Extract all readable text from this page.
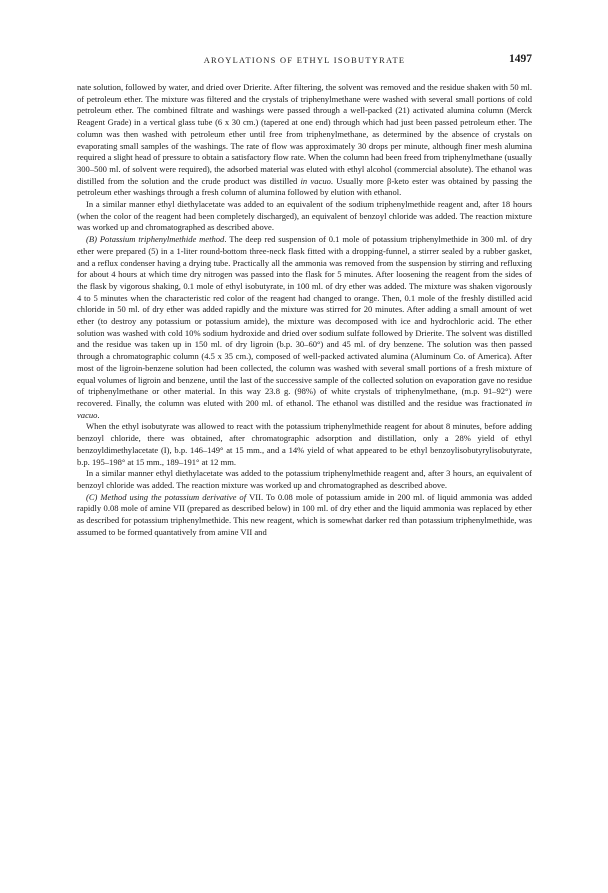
AROYLATIONS OF ETHYL ISOBUTYRATE	1497

nate solution, followed by water, and dried over Drierite. After filtering, the solvent was removed and the residue shaken with 50 ml. of petroleum ether. The mixture was filtered and the crystals of triphenylmethane were washed with several small portions of cold petroleum ether. The combined filtrate and washings were passed through a well-packed (21) activated alumina column (Merck Reagent Grade) in a vertical glass tube (6 x 30 cm.) (tapered at one end) through which had just been passed petroleum ether. The column was then washed with petroleum ether until free from triphenylmethane, as determined by the absence of crystals on evaporating small samples of the washings. The rate of flow was approximately 30 drops per minute, although finer mesh alumina required a slight head of pressure to obtain a satisfactory flow rate. When the column had been freed from triphenylmethane (usually 300–500 ml. of solvent were required), the adsorbed material was eluted with ethyl alcohol (commercial absolute). The ethanol was distilled from the solution and the crude product was distilled in vacuo. Usually more β-keto ester was obtained by passing the petroleum ether washings through a fresh column of alumina followed by elution with ethanol.

In a similar manner ethyl diethylacetate was added to an equivalent of the sodium triphenylmethide reagent and, after 18 hours (when the color of the reagent had been completely discharged), an equivalent of benzoyl chloride was added. The reaction mixture was worked up and chromatographed as described above.

(B) Potassium triphenylmethide method. The deep red suspension of 0.1 mole of potassium triphenylmethide in 300 ml. of dry ether were prepared (5) in a 1-liter round-bottom three-neck flask fitted with a dropping-funnel, a stirrer sealed by a rubber gasket, and a reflux condenser having a drying tube. Practically all the ammonia was removed from the suspension by stirring and refluxing for about 4 hours at which time dry nitrogen was passed into the flask for 5 minutes. After loosening the reagent from the sides of the flask by vigorous shaking, 0.1 mole of ethyl isobutyrate, in 100 ml. of dry ether was added. The mixture was shaken vigorously 4 to 5 minutes when the characteristic red color of the reagent had changed to orange. Then, 0.1 mole of the freshly distilled acid chloride in 50 ml. of dry ether was added rapidly and the mixture was stirred for 20 minutes. After adding a small amount of wet ether (to destroy any potassium or potassium amide), the mixture was decomposed with ice and hydrochloric acid. The ether solution was washed with cold 10% sodium hydroxide and dried over sodium sulfate followed by Drierite. The solvent was distilled and the residue was taken up in 150 ml. of dry ligroin (b.p. 30–60°) and 45 ml. of dry benzene. The solution was then passed through a chromatographic column (4.5 x 35 cm.), composed of well-packed activated alumina (Aluminum Co. of America). After most of the ligroin-benzene solution had been collected, the column was washed with several small portions of a fresh mixture of equal volumes of ligroin and benzene, until the last of the successive sample of the collected solution on evaporation gave no residue of triphenylmethane or other material. In this way 23.8 g. (98%) of white crystals of triphenylmethane, (m.p. 91–92°) were recovered. Finally, the column was eluted with 200 ml. of ethanol. The ethanol was distilled and the residue was fractionated in vacuo.

When the ethyl isobutyrate was allowed to react with the potassium triphenylmethide reagent for about 8 minutes, before adding benzoyl chloride, there was obtained, after chromatographic adsorption and distillation, only a 28% yield of ethyl benzoyldimethylacetate (I), b.p. 146–149° at 15 mm., and a 14% yield of what appeared to be ethyl benzoylisobutyrylisobutyrate, b.p. 195–198° at 15 mm., 189–191° at 12 mm.

In a similar manner ethyl diethylacetate was added to the potassium triphenylmethide reagent and, after 3 hours, an equivalent of benzoyl chloride was added. The reaction mixture was worked up and chromatographed as described above.

(C) Method using the potassium derivative of VII. To 0.08 mole of potassium amide in 200 ml. of liquid ammonia was added rapidly 0.08 mole of amine VII (prepared as described below) in 100 ml. of dry ether and the liquid ammonia was replaced by ether as described for potassium triphenylmethide. This new reagent, which is somewhat darker red than potassium triphenylmethide, was assumed to be formed quantatively from amine VII and
